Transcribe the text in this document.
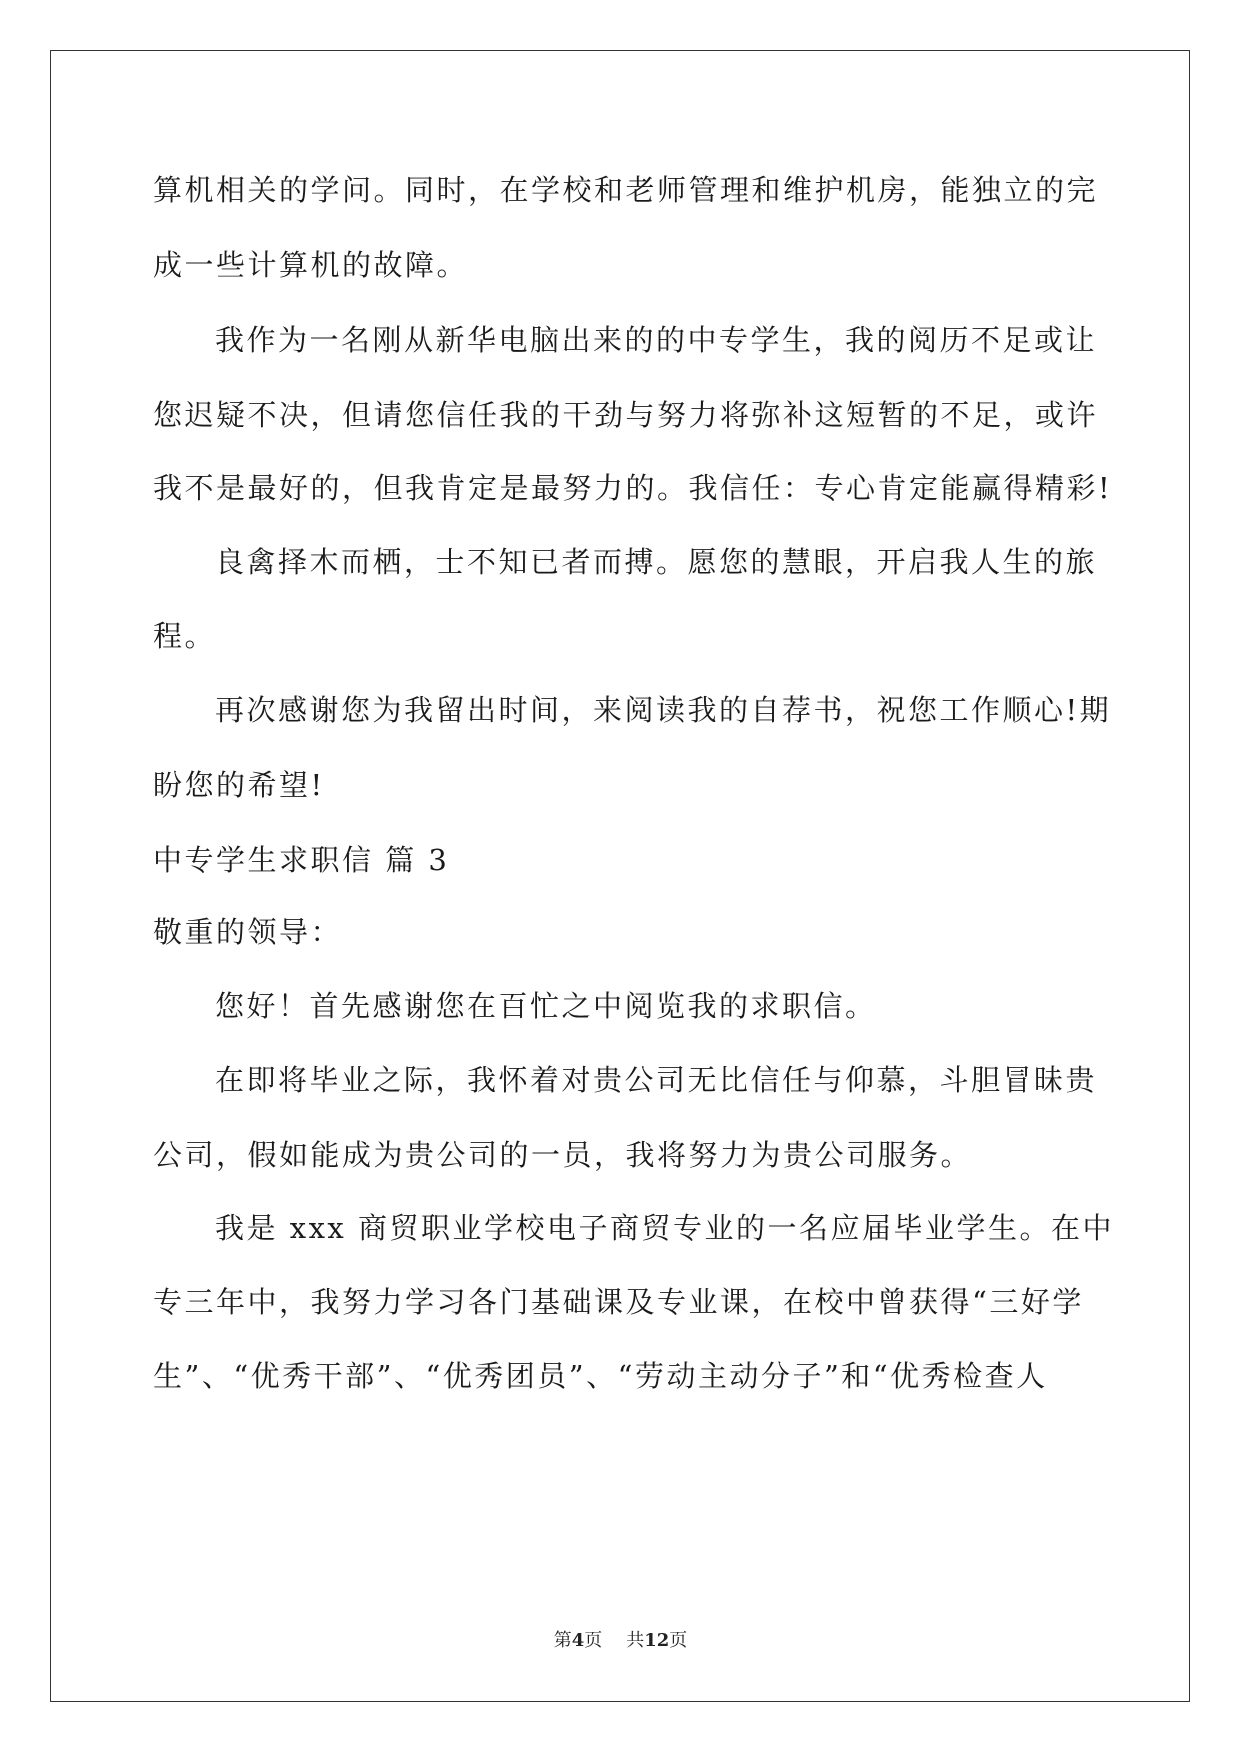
算机相关的学问。同时，在学校和老师管理和维护机房，能独立的完
成一些计算机的故障。
我作为一名刚从新华电脑出来的的中专学生，我的阅历不足或让
您迟疑不决，但请您信任我的干劲与努力将弥补这短暂的不足，或许
我不是最好的，但我肯定是最努力的。我信任：专心肯定能赢得精彩!
良禽择木而栖，士不知已者而搏。愿您的慧眼，开启我人生的旅
程。
再次感谢您为我留出时间，来阅读我的自荐书，祝您工作顺心!期
盼您的希望!
中专学生求职信 篇 3
敬重的领导：
您好！首先感谢您在百忙之中阅览我的求职信。
在即将毕业之际，我怀着对贵公司无比信任与仰慕，斗胆冒昧贵
公司，假如能成为贵公司的一员，我将努力为贵公司服务。
我是 xxx 商贸职业学校电子商贸专业的一名应届毕业学生。在中
专三年中，我努力学习各门基础课及专业课，在校中曾获得“三好学
生”、“优秀干部”、“优秀团员”、“劳动主动分子”和“优秀检查人
第4页 共12页
